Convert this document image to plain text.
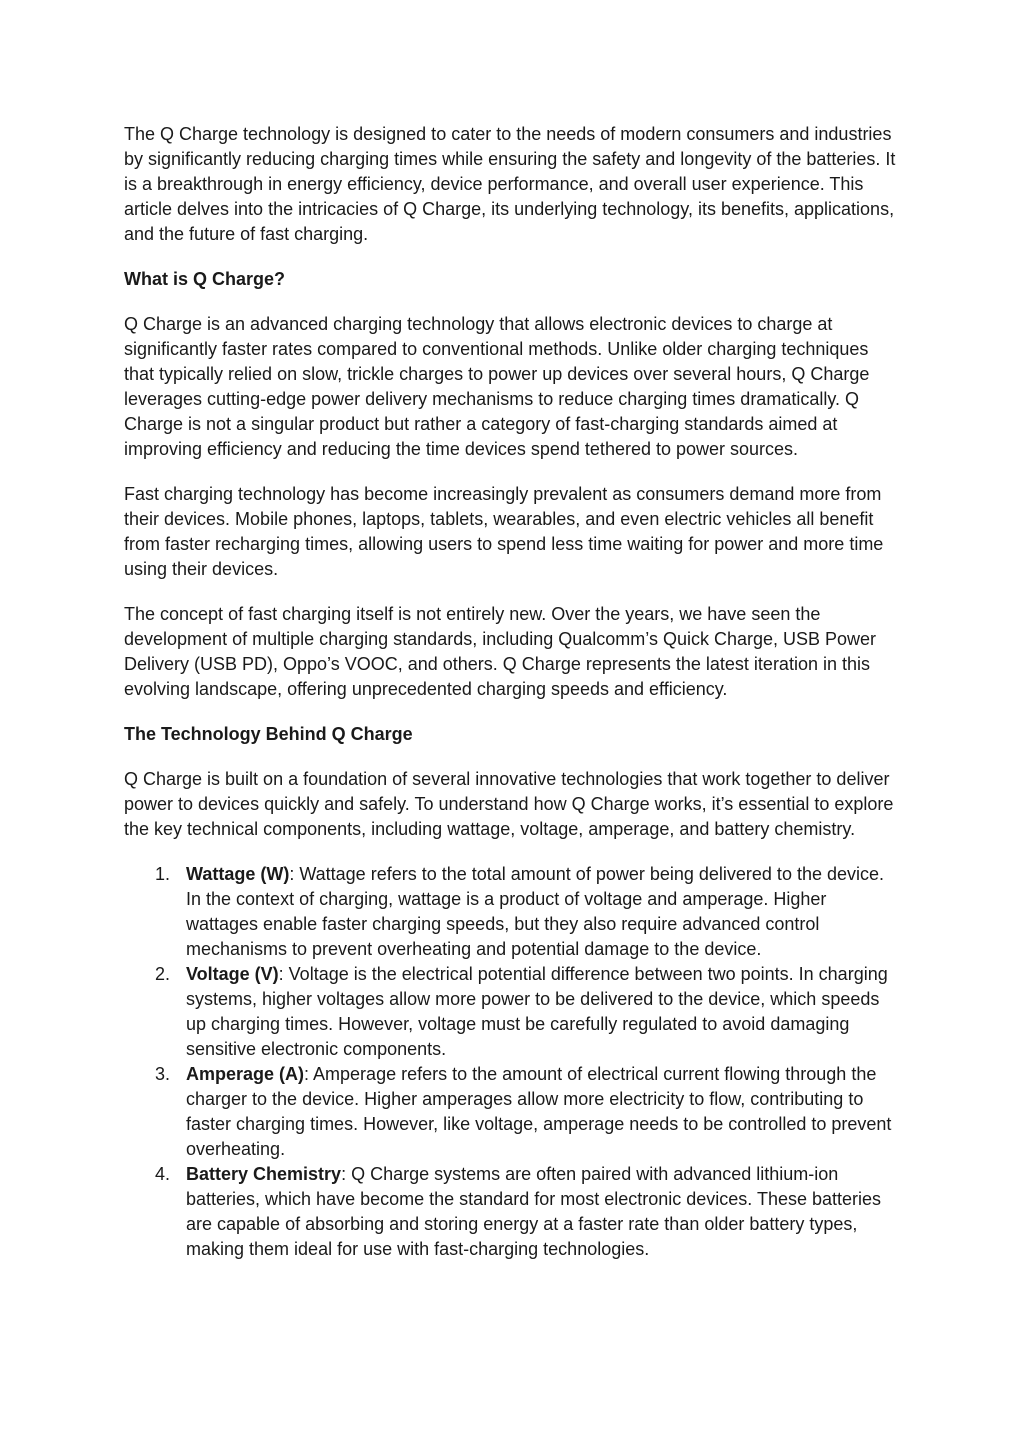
The Q Charge technology is designed to cater to the needs of modern consumers and industries by significantly reducing charging times while ensuring the safety and longevity of the batteries. It is a breakthrough in energy efficiency, device performance, and overall user experience. This article delves into the intricacies of Q Charge, its underlying technology, its benefits, applications, and the future of fast charging.

What is Q Charge?

Q Charge is an advanced charging technology that allows electronic devices to charge at significantly faster rates compared to conventional methods. Unlike older charging techniques that typically relied on slow, trickle charges to power up devices over several hours, Q Charge leverages cutting-edge power delivery mechanisms to reduce charging times dramatically. Q Charge is not a singular product but rather a category of fast-charging standards aimed at improving efficiency and reducing the time devices spend tethered to power sources.

Fast charging technology has become increasingly prevalent as consumers demand more from their devices. Mobile phones, laptops, tablets, wearables, and even electric vehicles all benefit from faster recharging times, allowing users to spend less time waiting for power and more time using their devices.

The concept of fast charging itself is not entirely new. Over the years, we have seen the development of multiple charging standards, including Qualcomm’s Quick Charge, USB Power Delivery (USB PD), Oppo’s VOOC, and others. Q Charge represents the latest iteration in this evolving landscape, offering unprecedented charging speeds and efficiency.

The Technology Behind Q Charge

Q Charge is built on a foundation of several innovative technologies that work together to deliver power to devices quickly and safely. To understand how Q Charge works, it’s essential to explore the key technical components, including wattage, voltage, amperage, and battery chemistry.

1. Wattage (W): Wattage refers to the total amount of power being delivered to the device. In the context of charging, wattage is a product of voltage and amperage. Higher wattages enable faster charging speeds, but they also require advanced control mechanisms to prevent overheating and potential damage to the device.
2. Voltage (V): Voltage is the electrical potential difference between two points. In charging systems, higher voltages allow more power to be delivered to the device, which speeds up charging times. However, voltage must be carefully regulated to avoid damaging sensitive electronic components.
3. Amperage (A): Amperage refers to the amount of electrical current flowing through the charger to the device. Higher amperages allow more electricity to flow, contributing to faster charging times. However, like voltage, amperage needs to be controlled to prevent overheating.
4. Battery Chemistry: Q Charge systems are often paired with advanced lithium-ion batteries, which have become the standard for most electronic devices. These batteries are capable of absorbing and storing energy at a faster rate than older battery types, making them ideal for use with fast-charging technologies.
